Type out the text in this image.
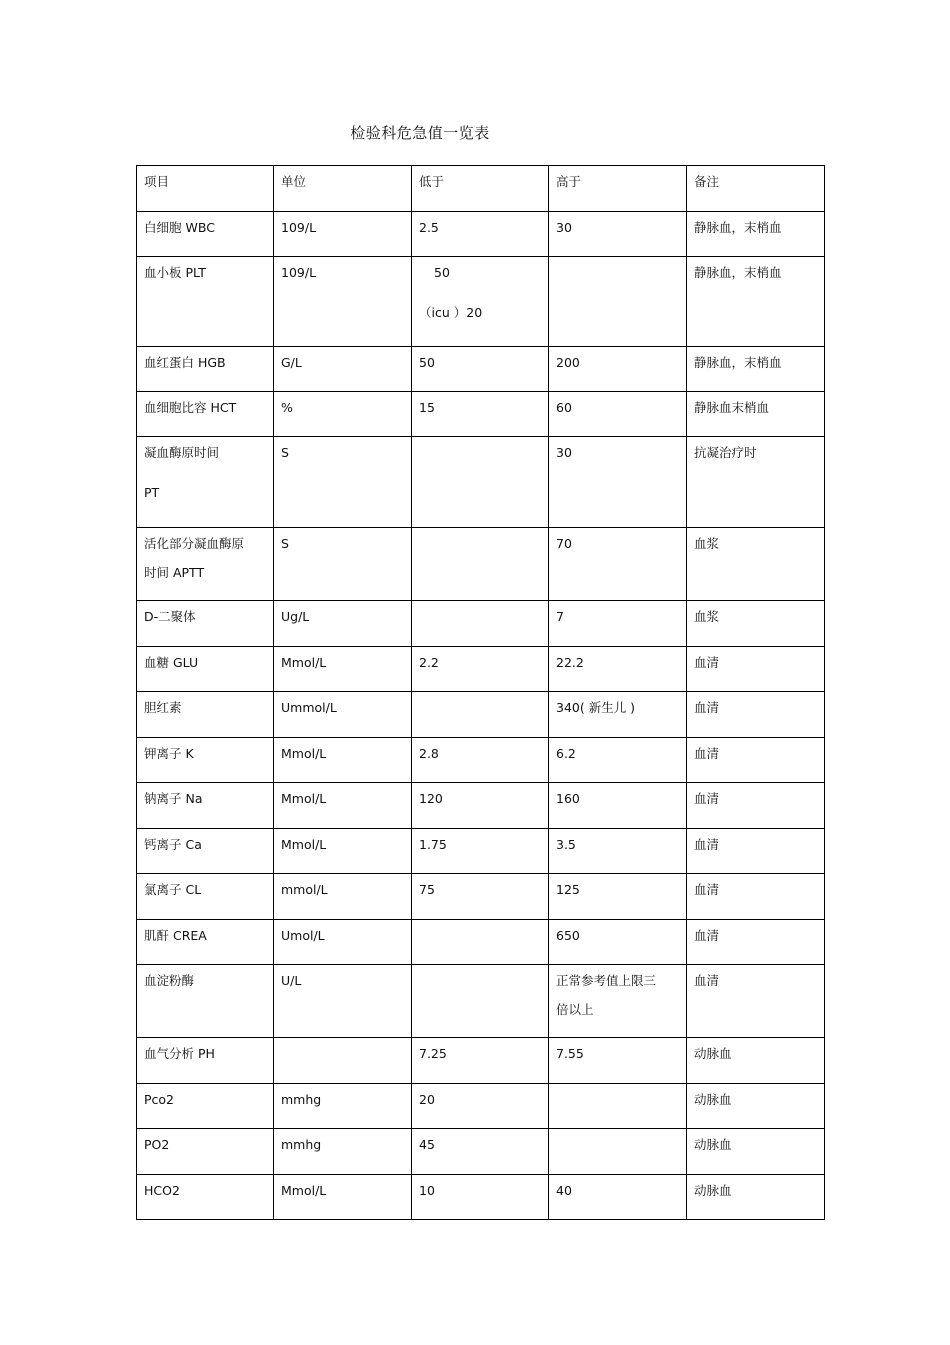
检验科危急值一览表
项目	单位	低于	高于	备注

白细胞 WBC	109/L	2.5	30	静脉血，末梢血

血小板 PLT	109/L	50
（icu ）20		静脉血，末梢血

血红蛋白 HGB	G/L	50	200	静脉血，末梢血

血细胞比容 HCT	%	15	60	静脉血末梢血

凝血酶原时间
PT	S		30	抗凝治疗时

活化部分凝血酶原
时间 APTT	S		70	血浆

D-二聚体	Ug/L		7	血浆

血糖 GLU	Mmol/L	2.2	22.2	血清

胆红素	Ummol/L		340( 新生儿 )	血清

钾离子 K	Mmol/L	2.8	6.2	血清

钠离子 Na	Mmol/L	120	160	血清

钙离子 Ca	Mmol/L	1.75	3.5	血清

氯离子 CL	mmol/L	75	125	血清

肌酐 CREA	Umol/L		650	血清

血淀粉酶	U/L		正常参考值上限三
倍以上	血清

血气分析 PH		7.25	7.55	动脉血

Pco2	mmhg	20		动脉血

PO2	mmhg	45		动脉血

HCO2	Mmol/L	10	40	动脉血
